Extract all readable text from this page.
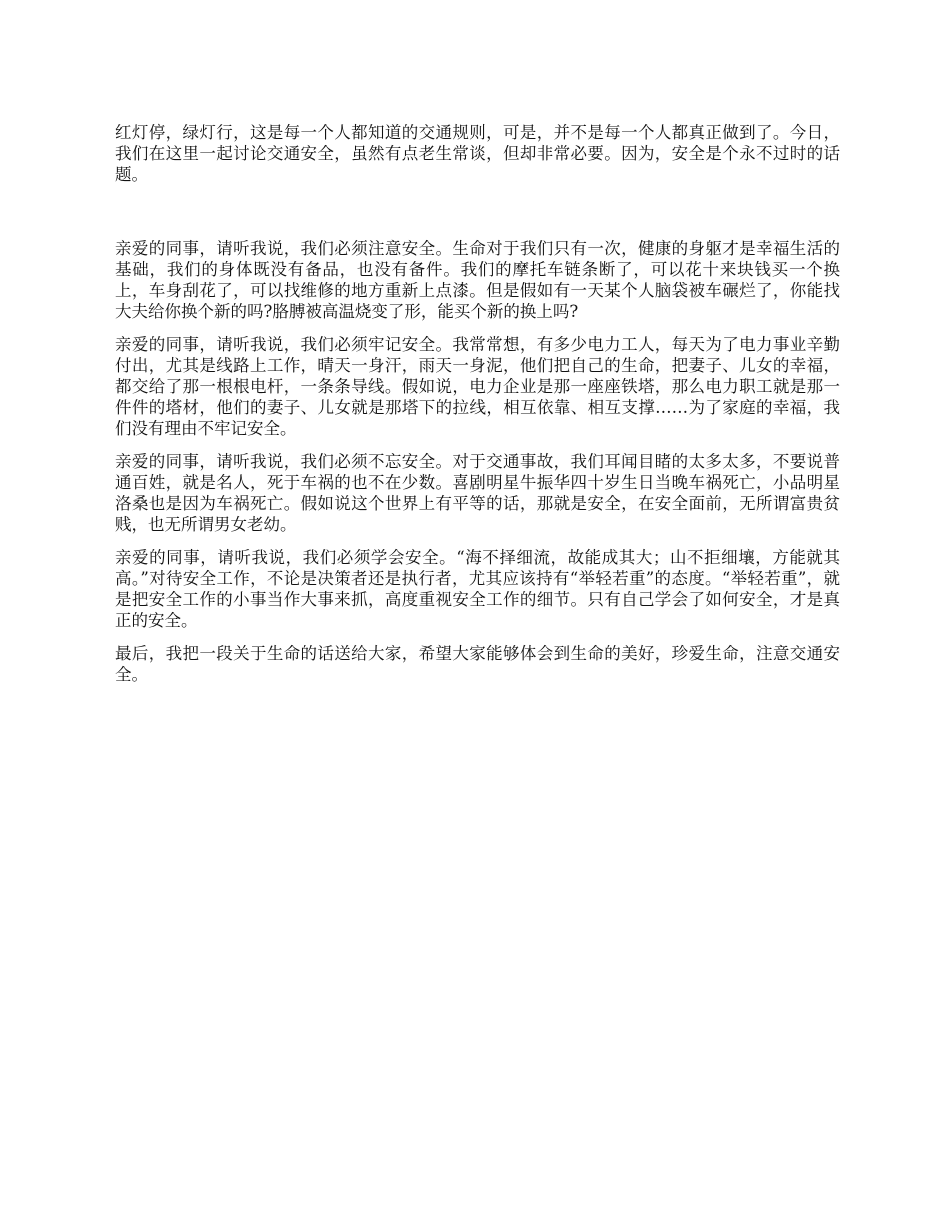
红灯停，绿灯行，这是每一个人都知道的交通规则，可是，并不是每一个人都真正做到了。今日，我们在这里一起讨论交通安全，虽然有点老生常谈，但却非常必要。因为，安全是个永不过时的话题。

亲爱的同事，请听我说，我们必须注意安全。生命对于我们只有一次，健康的身躯才是幸福生活的基础，我们的身体既没有备品，也没有备件。我们的摩托车链条断了，可以花十来块钱买一个换上，车身刮花了，可以找维修的地方重新上点漆。但是假如有一天某个人脑袋被车碾烂了，你能找大夫给你换个新的吗?胳膊被高温烧变了形，能买个新的换上吗?

亲爱的同事，请听我说，我们必须牢记安全。我常常想，有多少电力工人，每天为了电力事业辛勤付出，尤其是线路上工作，晴天一身汗，雨天一身泥，他们把自己的生命，把妻子、儿女的幸福，都交给了那一根根电杆，一条条导线。假如说，电力企业是那一座座铁塔，那么电力职工就是那一件件的塔材，他们的妻子、儿女就是那塔下的拉线，相互依靠、相互支撑……为了家庭的幸福，我们没有理由不牢记安全。

亲爱的同事，请听我说，我们必须不忘安全。对于交通事故，我们耳闻目睹的太多太多，不要说普通百姓，就是名人，死于车祸的也不在少数。喜剧明星牛振华四十岁生日当晚车祸死亡，小品明星洛桑也是因为车祸死亡。假如说这个世界上有平等的话，那就是安全，在安全面前，无所谓富贵贫贱，也无所谓男女老幼。

亲爱的同事，请听我说，我们必须学会安全。“海不择细流，故能成其大；山不拒细壤，方能就其高。”对待安全工作，不论是决策者还是执行者，尤其应该持有“举轻若重”的态度。“举轻若重”，就是把安全工作的小事当作大事来抓，高度重视安全工作的细节。只有自己学会了如何安全，才是真正的安全。

最后，我把一段关于生命的话送给大家，希望大家能够体会到生命的美好，珍爱生命，注意交通安全。
